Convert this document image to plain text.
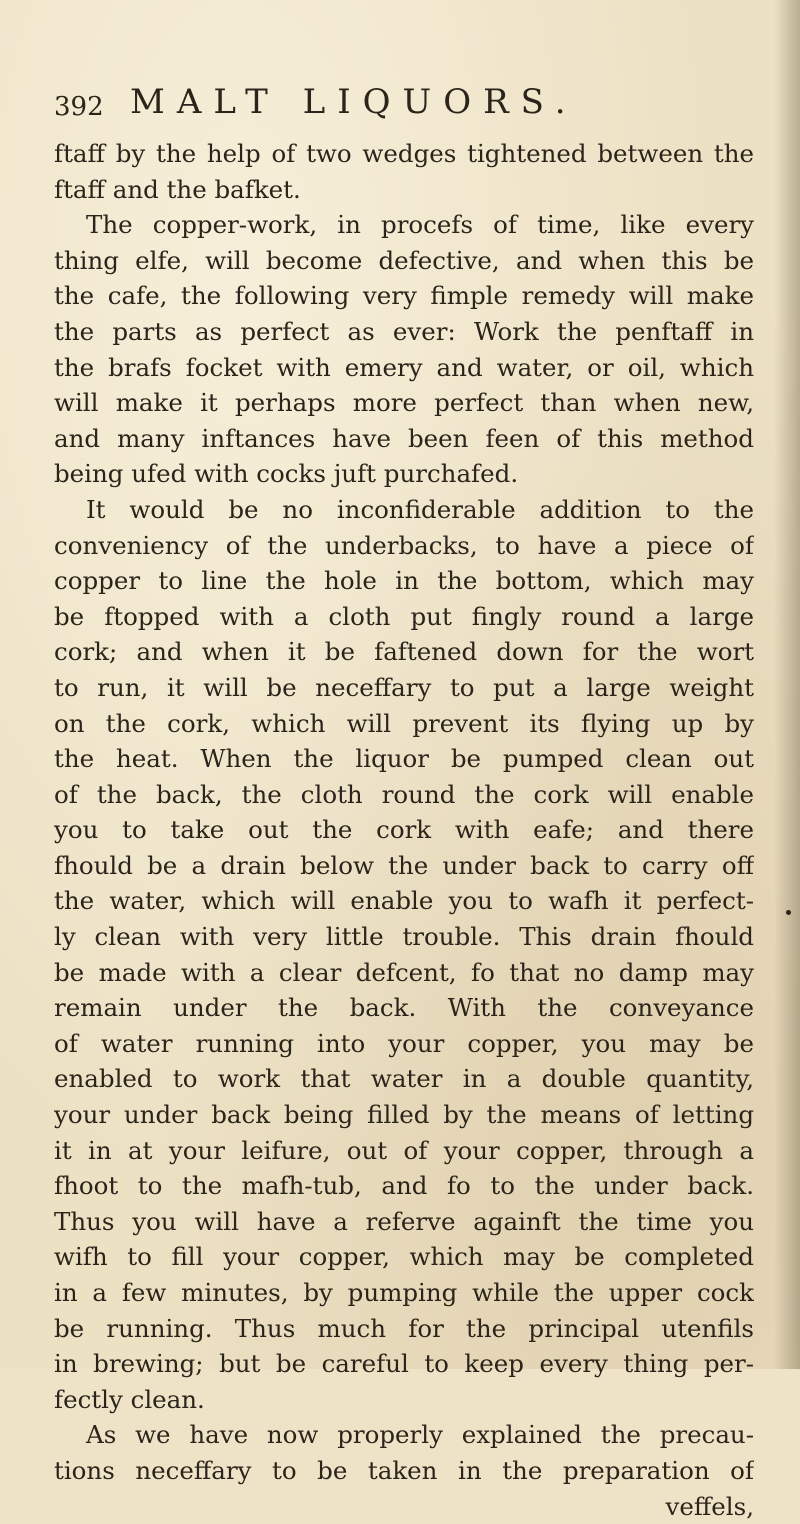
392 MALT LIQUORS.
ftaff by the help of two wedges tightened between the
ftaff and the bafket.
The copper-work, in procefs of time, like every
thing elfe, will become defective, and when this be
the cafe, the following very fimple remedy will make
the parts as perfect as ever: Work the penftaff in
the brafs focket with emery and water, or oil, which
will make it perhaps more perfect than when new,
and many inftances have been feen of this method
being ufed with cocks juft purchafed.
It would be no inconfiderable addition to the
conveniency of the underbacks, to have a piece of
copper to line the hole in the bottom, which may
be ftopped with a cloth put fingly round a large
cork; and when it be faftened down for the wort
to run, it will be neceffary to put a large weight
on the cork, which will prevent its flying up by
the heat. When the liquor be pumped clean out
of the back, the cloth round the cork will enable
you to take out the cork with eafe; and there
fhould be a drain below the under back to carry off
the water, which will enable you to wafh it perfect-
ly clean with very little trouble. This drain fhould
be made with a clear defcent, fo that no damp may
remain under the back. With the conveyance
of water running into your copper, you may be
enabled to work that water in a double quantity,
your under back being filled by the means of letting
it in at your leifure, out of your copper, through a
fhoot to the mafh-tub, and fo to the under back.
Thus you will have a referve againft the time you
wifh to fill your copper, which may be completed
in a few minutes, by pumping while the upper cock
be running. Thus much for the principal utenfils
in brewing; but be careful to keep every thing per-
fectly clean.
As we have now properly explained the precau-
tions neceffary to be taken in the preparation of
veffels,
